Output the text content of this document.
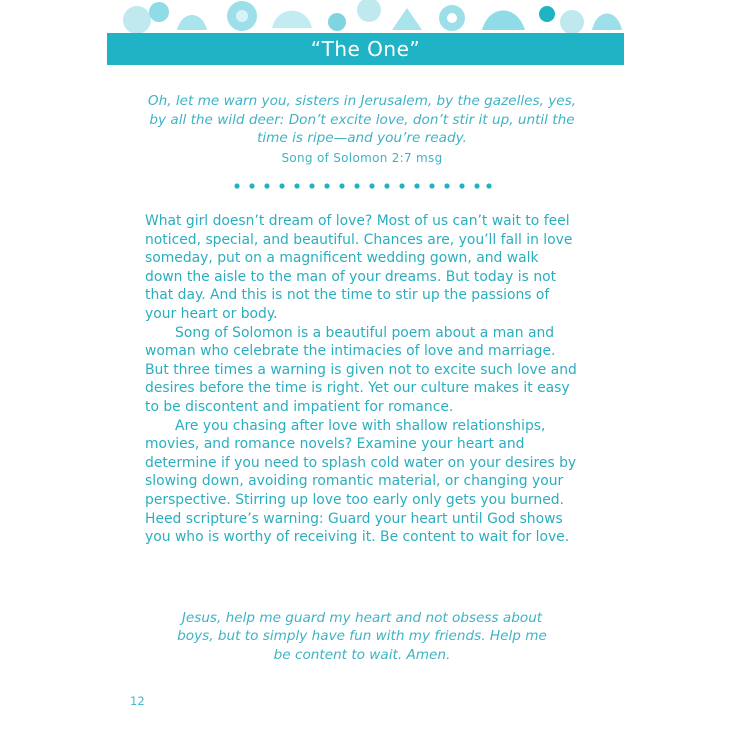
“The One”
Oh, let me warn you, sisters in Jerusalem, by the gazelles, yes, by all the wild deer: Don’t excite love, don’t stir it up, until the time is ripe—and you’re ready.
Song of Solomon 2:7 msg

What girl doesn’t dream of love? Most of us can’t wait to feel noticed, special, and beautiful. Chances are, you’ll fall in love someday, put on a magnificent wedding gown, and walk down the aisle to the man of your dreams. But today is not that day. And this is not the time to stir up the passions of your heart or body.

Song of Solomon is a beautiful poem about a man and woman who celebrate the intimacies of love and marriage. But three times a warning is given not to excite such love and desires before the time is right. Yet our culture makes it easy to be discontent and impatient for romance.

Are you chasing after love with shallow relationships, movies, and romance novels? Examine your heart and determine if you need to splash cold water on your desires by slowing down, avoiding romantic material, or changing your perspective. Stirring up love too early only gets you burned. Heed scripture’s warning: Guard your heart until God shows you who is worthy of receiving it. Be content to wait for love.

Jesus, help me guard my heart and not obsess about boys, but to simply have fun with my friends. Help me be content to wait. Amen.
12
